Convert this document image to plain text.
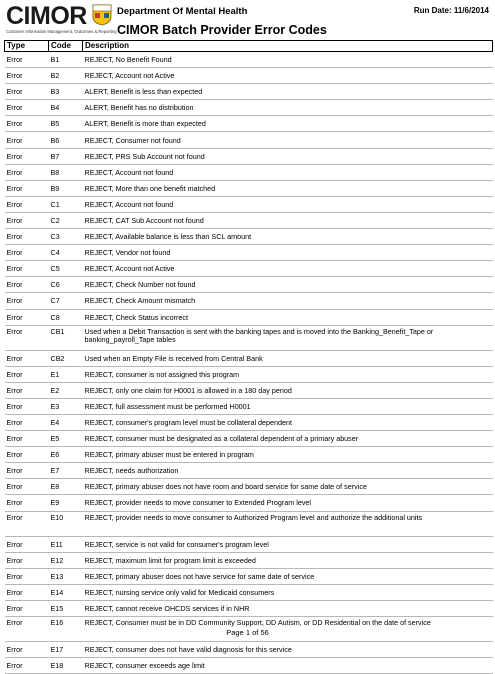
CIMOR
Customer Information Management, Outcomes & Reporting
Department Of Mental Health	Run Date: 11/6/2014
CIMOR Batch Provider Error Codes
Type	Code	Description
Error	B1	REJECT, No Benefit Found
Error	B2	REJECT, Account not Active
Error	B3	ALERT, Benefit is less than expected
Error	B4	ALERT, Benefit has no distribution
Error	B5	ALERT, Benefit is more than expected
Error	B6	REJECT, Consumer not found
Error	B7	REJECT, PRS Sub Account not found
Error	B8	REJECT, Account not found
Error	B9	REJECT, More than one benefit matched
Error	C1	REJECT, Account not found
Error	C2	REJECT, CAT Sub Account not found
Error	C3	REJECT, Available balance is less than SCL amount
Error	C4	REJECT, Vendor not found
Error	C5	REJECT, Account not Active
Error	C6	REJECT, Check Number not found
Error	C7	REJECT, Check Amount mismatch
Error	C8	REJECT, Check Status incorrect
Error	CB1	Used when a Debit Transaction is sent with the banking tapes and is moved into the Banking_Benefit_Tape or banking_payroll_Tape tables
Error	CB2	Used when an Empty File is received from Central Bank
Error	E1	REJECT, consumer is not assigned this program
Error	E2	REJECT, only one claim for H0001 is allowed in a 180 day period
Error	E3	REJECT, full assessment must be performed H0001
Error	E4	REJECT, consumer's program level must be collateral dependent
Error	E5	REJECT, consumer must be designated as a collateral dependent of a primary abuser
Error	E6	REJECT, primary abuser must be entered in program
Error	E7	REJECT, needs authorization
Error	E8	REJECT, primary abuser does not have room and board service for same date of service
Error	E9	REJECT, provider needs to move consumer to Extended Program level
Error	E10	REJECT, provider needs to move consumer to Authorized Program level and authorize the additional units
Error	E11	REJECT, service is not valid for consumer's program level
Error	E12	REJECT, maximum limit for program limit is exceeded
Error	E13	REJECT, primary abuser does not have service for same date of service
Error	E14	REJECT, nursing service only valid for Medicaid consumers
Error	E15	REJECT, cannot receive OHCDS services if in NHR
Error	E16	REJECT, Consumer must be in DD Community Support, DD Autism, or DD Residential on the date of service
Error	E17	REJECT, consumer does not have valid diagnosis for this service
Error	E18	REJECT, consumer exceeds age limit
Page 1 of 56
